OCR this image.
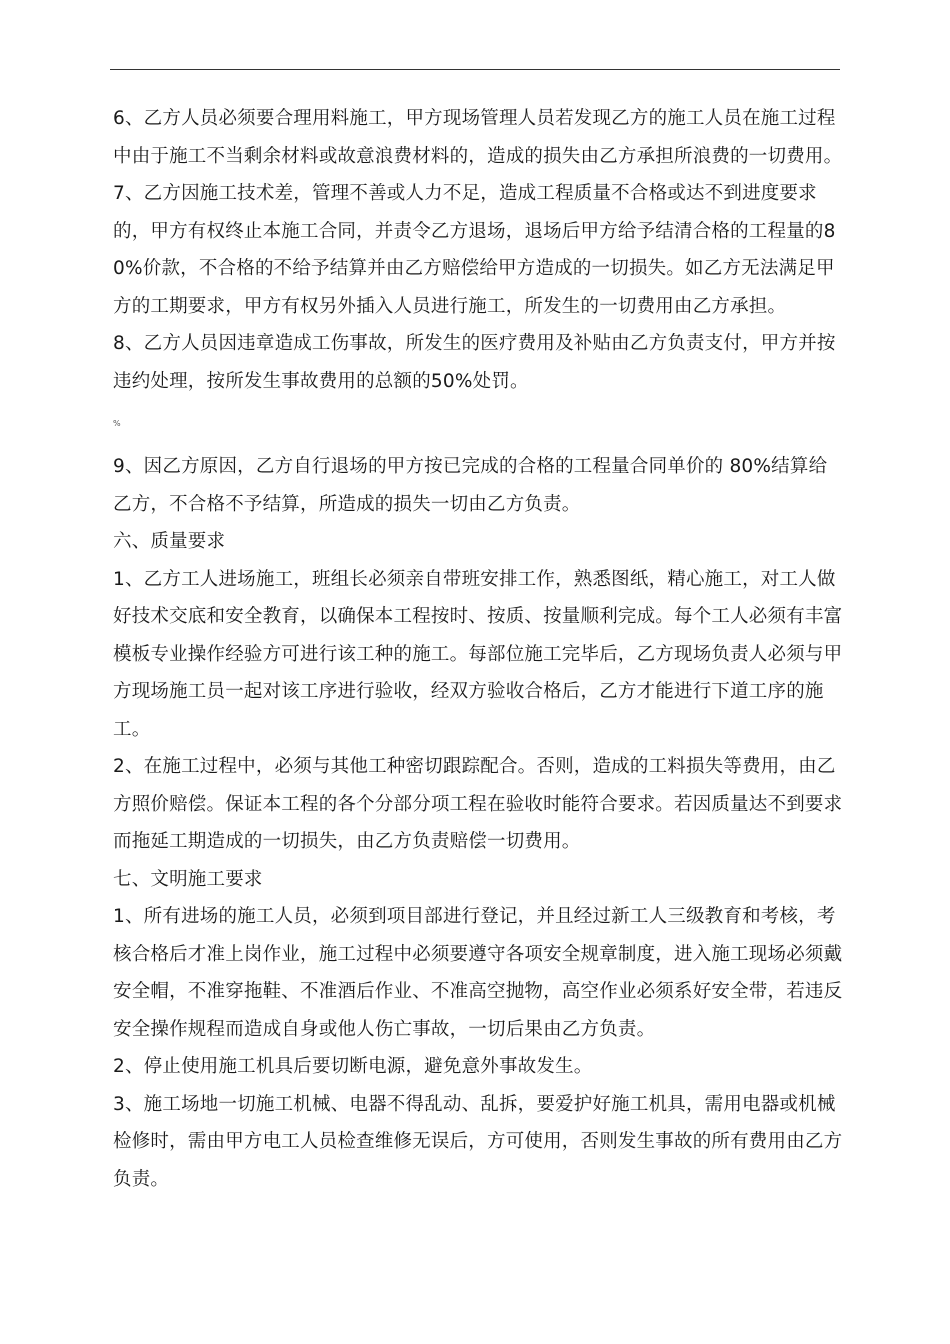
6、乙方人员必须要合理用料施工，甲方现场管理人员若发现乙方的施工人员在施工过程中由于施工不当剩余材料或故意浪费材料的，造成的损失由乙方承担所浪费的一切费用。

7、乙方因施工技术差，管理不善或人力不足，造成工程质量不合格或达不到进度要求的，甲方有权终止本施工合同，并责令乙方退场，退场后甲方给予结清合格的工程量的80%价款，不合格的不给予结算并由乙方赔偿给甲方造成的一切损失。如乙方无法满足甲方的工期要求，甲方有权另外插入人员进行施工，所发生的一切费用由乙方承担。

8、乙方人员因违章造成工伤事故，所发生的医疗费用及补贴由乙方负责支付，甲方并按违约处理，按所发生事故费用的总额的50%处罚。

%

9、因乙方原因，乙方自行退场的甲方按已完成的合格的工程量合同单价的 80%结算给乙方，不合格不予结算，所造成的损失一切由乙方负责。

六、质量要求

1、乙方工人进场施工，班组长必须亲自带班安排工作，熟悉图纸，精心施工，对工人做好技术交底和安全教育，以确保本工程按时、按质、按量顺利完成。每个工人必须有丰富模板专业操作经验方可进行该工种的施工。每部位施工完毕后，乙方现场负责人必须与甲方现场施工员一起对该工序进行验收，经双方验收合格后，乙方才能进行下道工序的施工。

2、在施工过程中，必须与其他工种密切跟踪配合。否则，造成的工料损失等费用，由乙方照价赔偿。保证本工程的各个分部分项工程在验收时能符合要求。若因质量达不到要求而拖延工期造成的一切损失，由乙方负责赔偿一切费用。

七、文明施工要求

1、所有进场的施工人员，必须到项目部进行登记，并且经过新工人三级教育和考核，考核合格后才准上岗作业，施工过程中必须要遵守各项安全规章制度，进入施工现场必须戴安全帽，不准穿拖鞋、不准酒后作业、不准高空抛物，高空作业必须系好安全带，若违反安全操作规程而造成自身或他人伤亡事故，一切后果由乙方负责。

2、停止使用施工机具后要切断电源，避免意外事故发生。

3、施工场地一切施工机械、电器不得乱动、乱拆，要爱护好施工机具，需用电器或机械检修时，需由甲方电工人员检查维修无误后，方可使用，否则发生事故的所有费用由乙方负责。
